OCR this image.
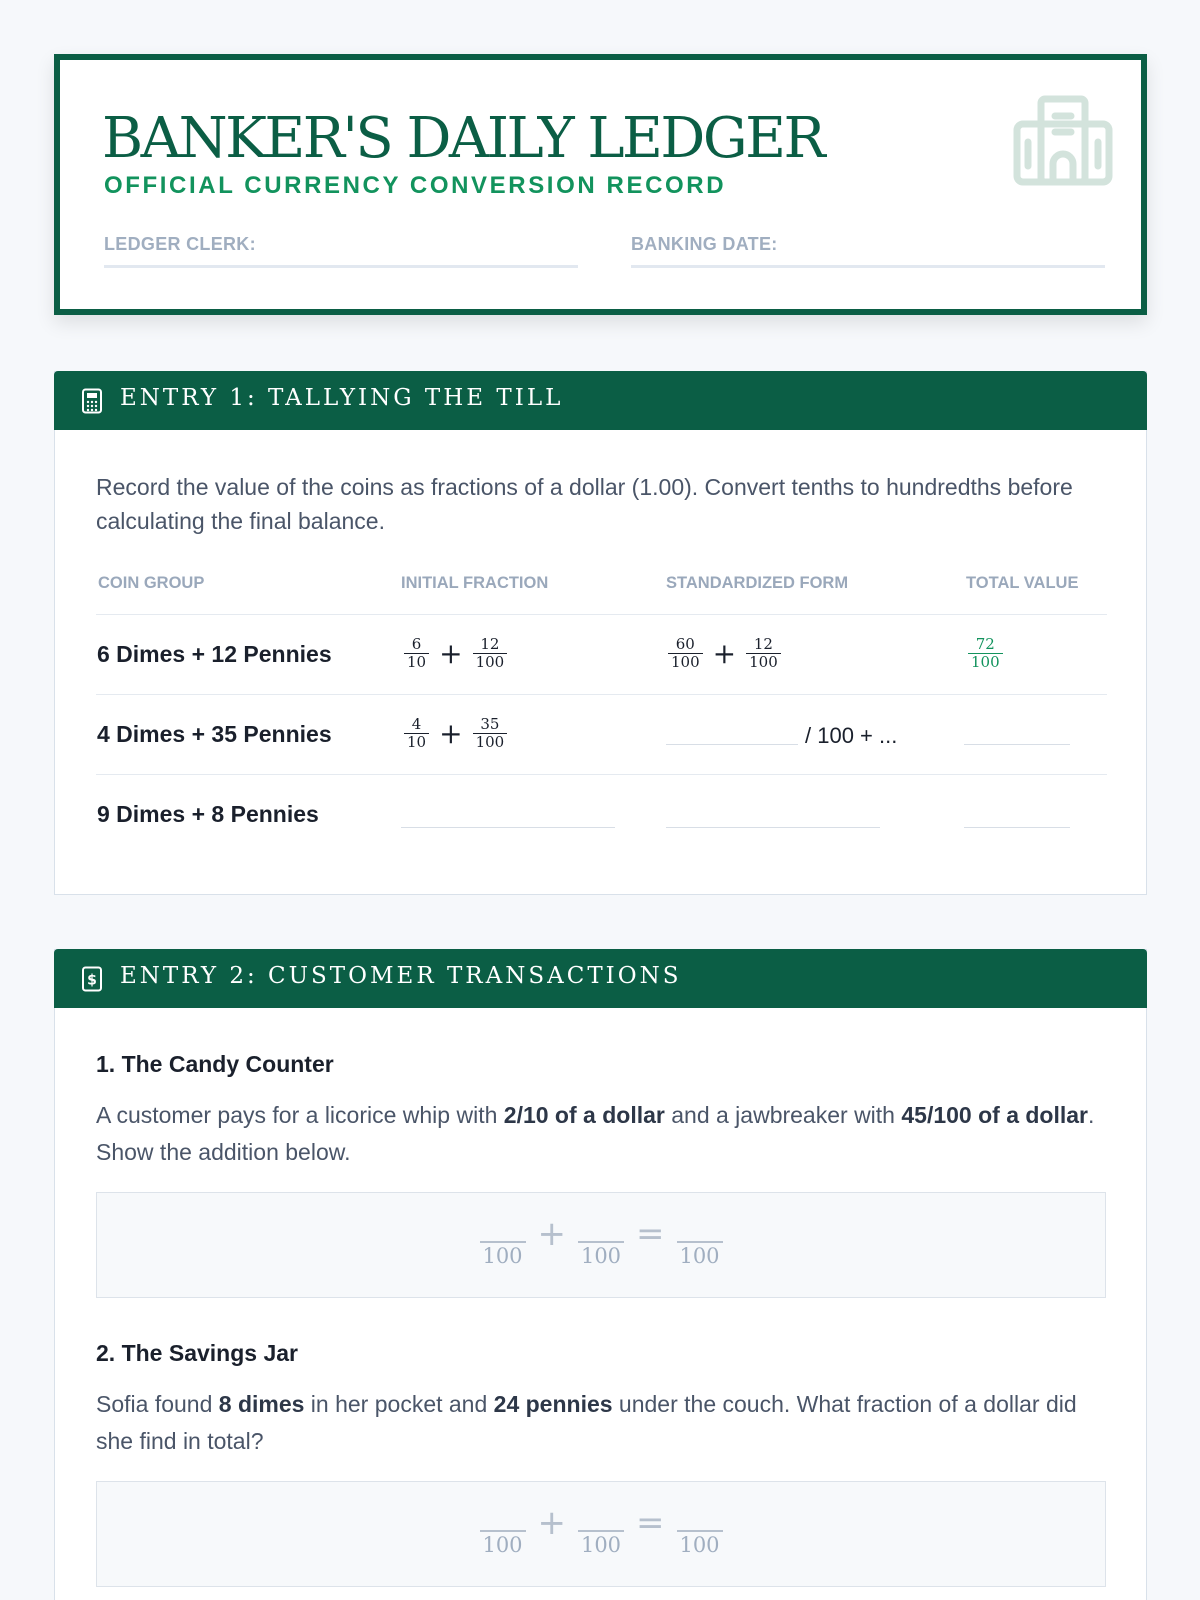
BANKER'S DAILY LEDGER
OFFICIAL CURRENCY CONVERSION RECORD
LEDGER CLERK:	BANKING DATE:
ENTRY 1: TALLYING THE TILL
Record the value of the coins as fractions of a dollar (1.00). Convert tenths to hundredths before calculating the final balance.
COIN GROUP	INITIAL FRACTION	STANDARDIZED FORM	TOTAL VALUE
6 Dimes + 12 Pennies	$\frac{6}{10} + \frac{12}{100}$	$\frac{60}{100} + \frac{12}{100}$	$\frac{72}{100}$
4 Dimes + 35 Pennies	$\frac{4}{10} + \frac{35}{100}$	/ 100 + ...
9 Dimes + 8 Pennies
$ ENTRY 2: CUSTOMER TRANSACTIONS
1. The Candy Counter
A customer pays for a licorice whip with 2/10 of a dollar and a jawbreaker with 45/100 of a dollar. Show the addition below.
100
+
100
=
100
2. The Savings Jar
Sofia found 8 dimes in her pocket and 24 pennies under the couch. What fraction of a dollar did she find in total?
100
+
100
=
100
